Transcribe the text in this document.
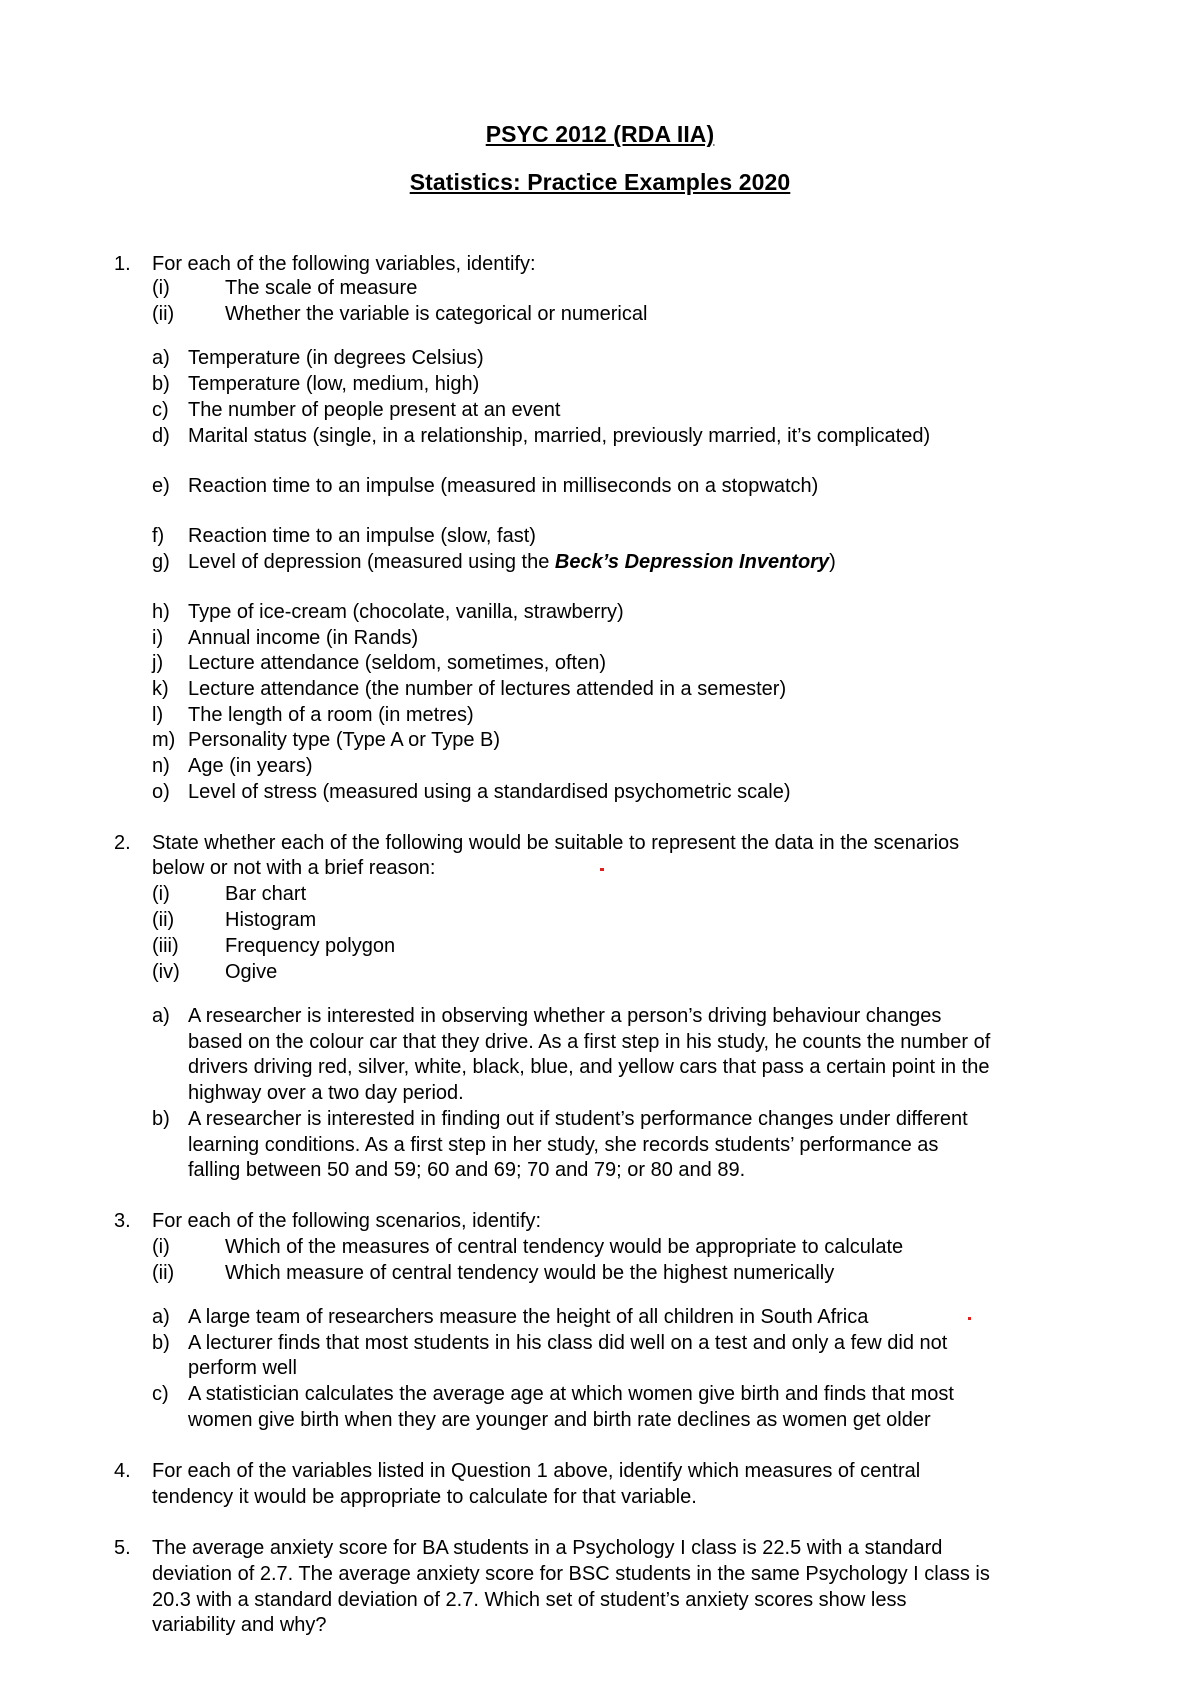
PSYC 2012 (RDA IIA)
Statistics: Practice Examples 2020
1. For each of the following variables, identify:
(i)	The scale of measure
(ii)	Whether the variable is categorical or numerical
a) Temperature (in degrees Celsius)
b) Temperature (low, medium, high)
c) The number of people present at an event
d) Marital status (single, in a relationship, married, previously married, it’s complicated)
e) Reaction time to an impulse (measured in milliseconds on a stopwatch)
f) Reaction time to an impulse (slow, fast)
g) Level of depression (measured using the Beck’s Depression Inventory)
h) Type of ice-cream (chocolate, vanilla, strawberry)
i) Annual income (in Rands)
j) Lecture attendance (seldom, sometimes, often)
k) Lecture attendance (the number of lectures attended in a semester)
l) The length of a room (in metres)
m) Personality type (Type A or Type B)
n) Age (in years)
o) Level of stress (measured using a standardised psychometric scale)
2. State whether each of the following would be suitable to represent the data in the scenarios
below or not with a brief reason:
(i)	Bar chart
(ii)	Histogram
(iii) Frequency polygon
(iv) Ogive
a) A researcher is interested in observing whether a person’s driving behaviour changes
based on the colour car that they drive. As a first step in his study, he counts the number of
drivers driving red, silver, white, black, blue, and yellow cars that pass a certain point in the
highway over a two day period.
b) A researcher is interested in finding out if student’s performance changes under different
learning conditions. As a first step in her study, she records students’ performance as
falling between 50 and 59; 60 and 69; 70 and 79; or 80 and 89.
3. For each of the following scenarios, identify:
(i)	Which of the measures of central tendency would be appropriate to calculate
(ii)	Which measure of central tendency would be the highest numerically
a) A large team of researchers measure the height of all children in South Africa
b) A lecturer finds that most students in his class did well on a test and only a few did not
perform well
c) A statistician calculates the average age at which women give birth and finds that most
women give birth when they are younger and birth rate declines as women get older
4. For each of the variables listed in Question 1 above, identify which measures of central
tendency it would be appropriate to calculate for that variable.
5. The average anxiety score for BA students in a Psychology I class is 22.5 with a standard
deviation of 2.7. The average anxiety score for BSC students in the same Psychology I class is
20.3 with a standard deviation of 2.7. Which set of student’s anxiety scores show less
variability and why?
